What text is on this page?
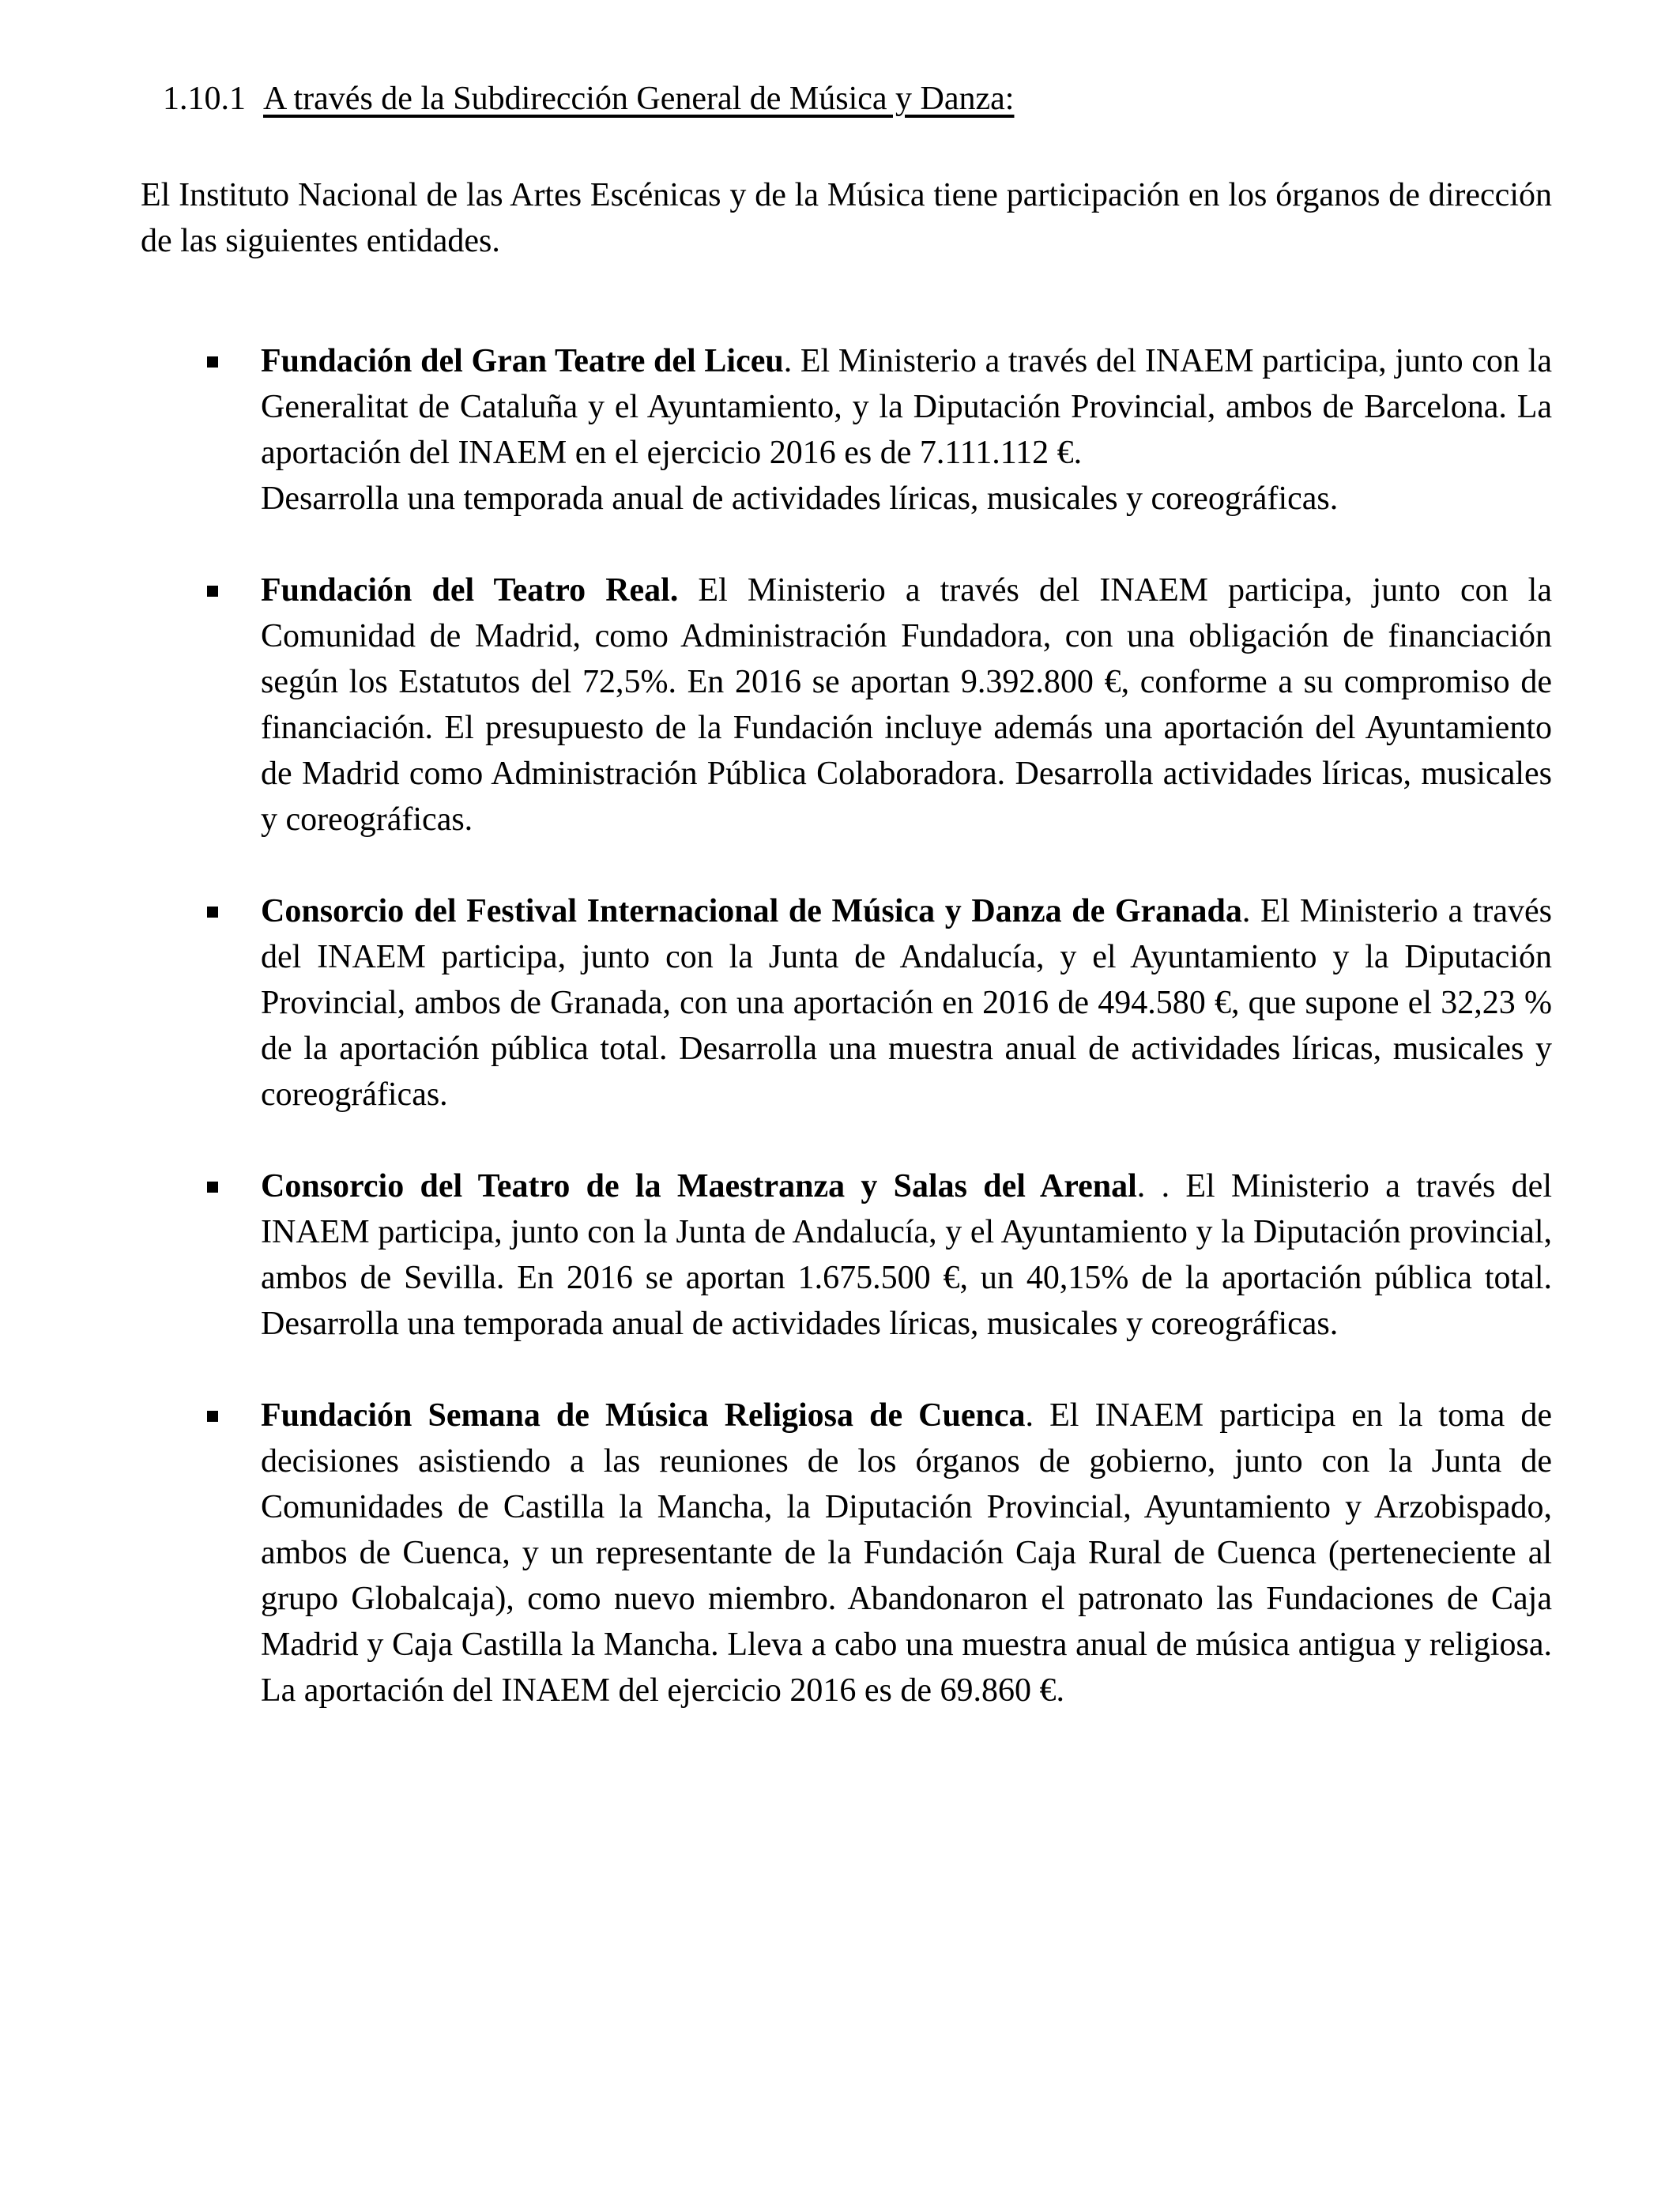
1.10.1 A través de la Subdirección General de Música y Danza:

El Instituto Nacional de las Artes Escénicas y de la Música tiene participación en los órganos de dirección de las siguientes entidades.

Fundación del Gran Teatre del Liceu. El Ministerio a través del INAEM participa, junto con la Generalitat de Cataluña y el Ayuntamiento, y la Diputación Provincial, ambos de Barcelona. La aportación del INAEM en el ejercicio 2016 es de 7.111.112 €.
Desarrolla una temporada anual de actividades líricas, musicales y coreográficas.
Fundación del Teatro Real. El Ministerio a través del INAEM participa, junto con la Comunidad de Madrid, como Administración Fundadora, con una obligación de financiación según los Estatutos del 72,5%. En 2016 se aportan 9.392.800 €, conforme a su compromiso de financiación. El presupuesto de la Fundación incluye además una aportación del Ayuntamiento de Madrid como Administración Pública Colaboradora. Desarrolla actividades líricas, musicales y coreográficas.
Consorcio del Festival Internacional de Música y Danza de Granada. El Ministerio a través del INAEM participa, junto con la Junta de Andalucía, y el Ayuntamiento y la Diputación Provincial, ambos de Granada, con una aportación en 2016 de 494.580 €, que supone el 32,23 % de la aportación pública total. Desarrolla una muestra anual de actividades líricas, musicales y coreográficas.
Consorcio del Teatro de la Maestranza y Salas del Arenal. . El Ministerio a través del INAEM participa, junto con la Junta de Andalucía, y el Ayuntamiento y la Diputación provincial, ambos de Sevilla. En 2016 se aportan 1.675.500 €, un 40,15% de la aportación pública total. Desarrolla una temporada anual de actividades líricas, musicales y coreográficas.
Fundación Semana de Música Religiosa de Cuenca. El INAEM participa en la toma de decisiones asistiendo a las reuniones de los órganos de gobierno, junto con la Junta de Comunidades de Castilla la Mancha, la Diputación Provincial, Ayuntamiento y Arzobispado, ambos de Cuenca, y un representante de la Fundación Caja Rural de Cuenca (perteneciente al grupo Globalcaja), como nuevo miembro. Abandonaron el patronato las Fundaciones de Caja Madrid y Caja Castilla la Mancha. Lleva a cabo una muestra anual de música antigua y religiosa. La aportación del INAEM del ejercicio 2016 es de 69.860 €.
